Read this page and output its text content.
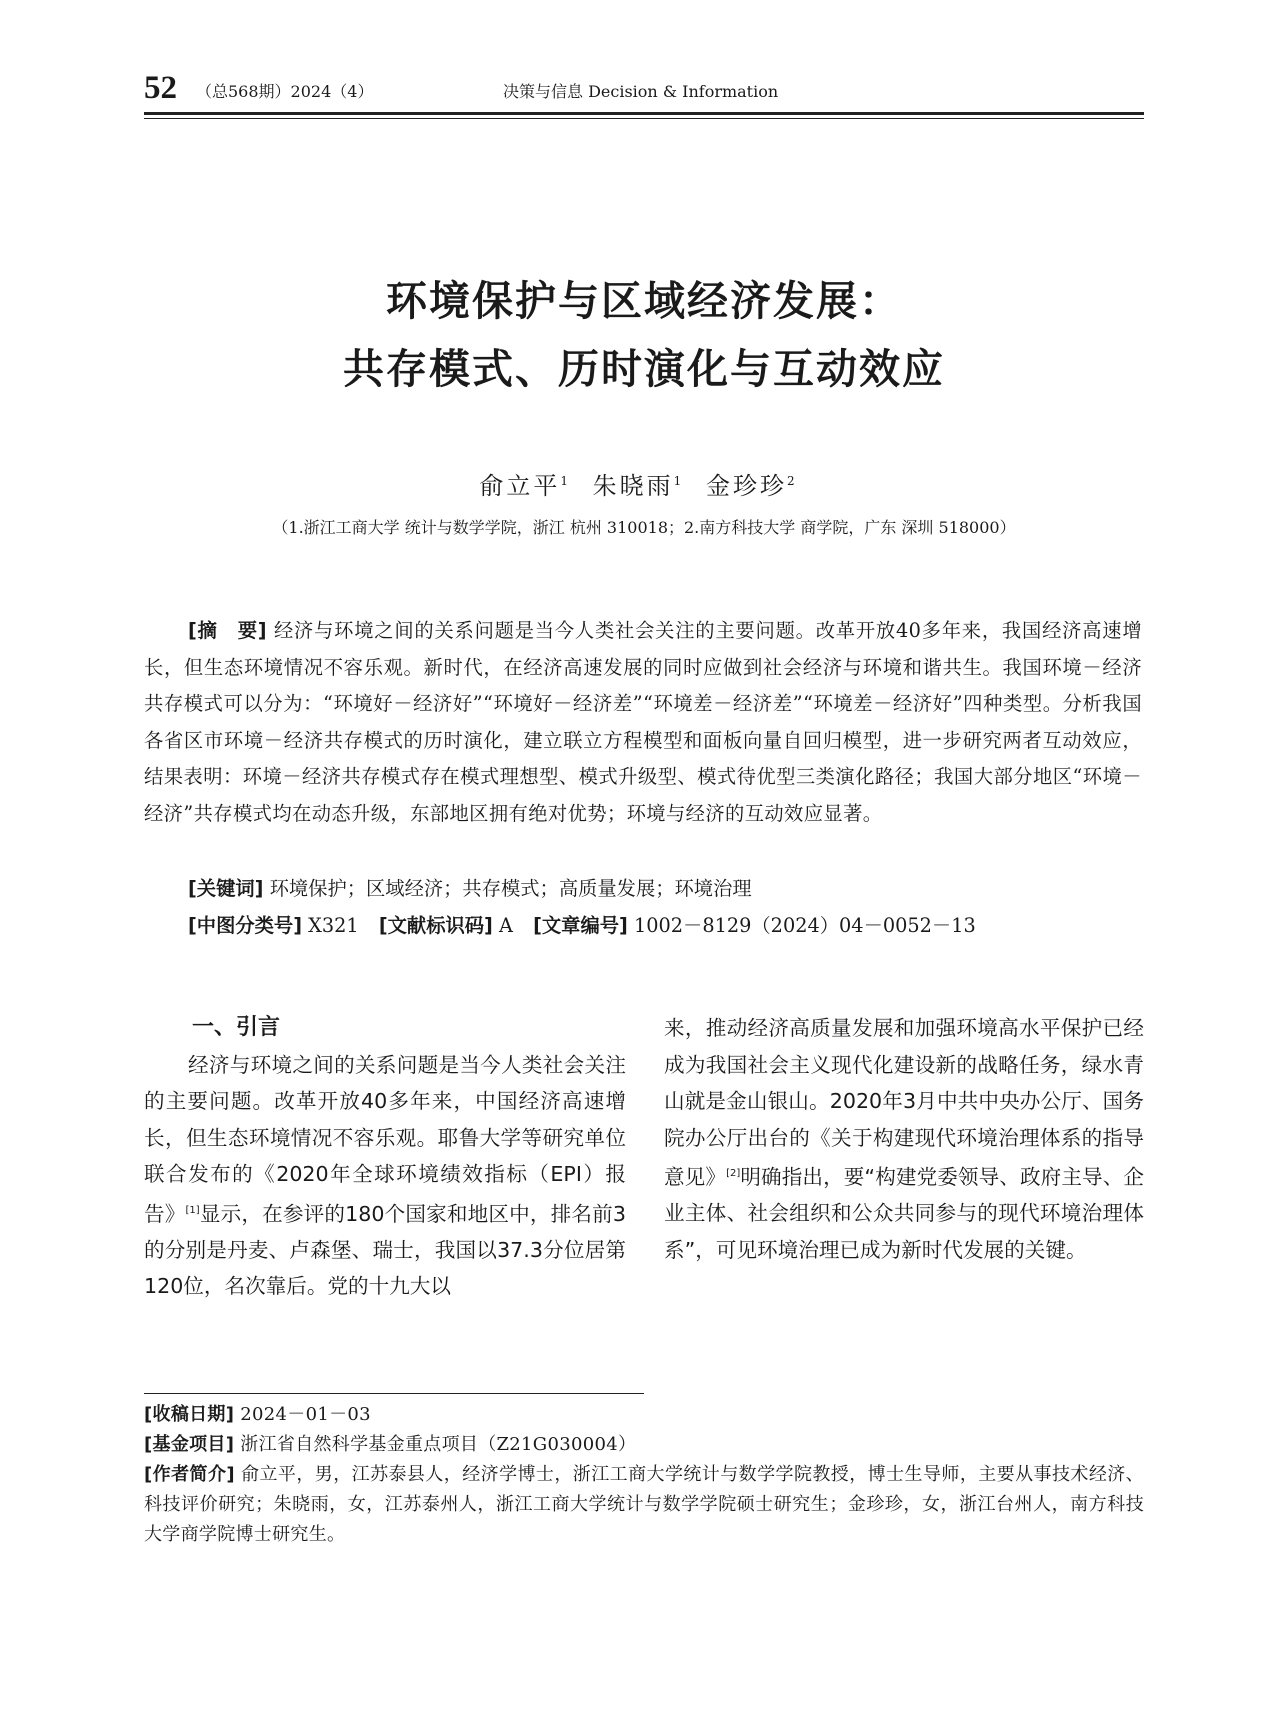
52 （总568期）2024（4）	决策与信息 Decision & Information
环境保护与区域经济发展：
共存模式、历时演化与互动效应
俞立平$^1$ 朱晓雨$^1$ 金珍珍$^2$
（1.浙江工商大学 统计与数学学院，浙江 杭州 310018；2.南方科技大学 商学院，广东 深圳 518000）

[摘　要] 经济与环境之间的关系问题是当今人类社会关注的主要问题。改革开放40多年来，我国经济高速增长，但生态环境情况不容乐观。新时代，在经济高速发展的同时应做到社会经济与环境和谐共生。我国环境－经济共存模式可以分为：“环境好－经济好”“环境好－经济差”“环境差－经济差”“环境差－经济好”四种类型。分析我国各省区市环境－经济共存模式的历时演化，建立联立方程模型和面板向量自回归模型，进一步研究两者互动效应，结果表明：环境－经济共存模式存在模式理想型、模式升级型、模式待优型三类演化路径；我国大部分地区“环境－经济”共存模式均在动态升级，东部地区拥有绝对优势；环境与经济的互动效应显著。

[关键词] 环境保护；区域经济；共存模式；高质量发展；环境治理
[中图分类号] X321 [文献标识码] A [文章编号] 1002－8129（2024）04－0052－13
一、引言

经济与环境之间的关系问题是当今人类社会关注的主要问题。改革开放40多年来，中国经济高速增长，但生态环境情况不容乐观。耶鲁大学等研究单位联合发布的《2020年全球环境绩效指标（EPI）报告》[1]显示，在参评的180个国家和地区中，排名前3的分别是丹麦、卢森堡、瑞士，我国以37.3分位居第120位，名次靠后。党的十九大以

来，推动经济高质量发展和加强环境高水平保护已经成为我国社会主义现代化建设新的战略任务，绿水青山就是金山银山。2020年3月中共中央办公厅、国务院办公厅出台的《关于构建现代环境治理体系的指导意见》[2]明确指出，要“构建党委领导、政府主导、企业主体、社会组织和公众共同参与的现代环境治理体系”，可见环境治理已成为新时代发展的关键。

[收稿日期] 2024－01－03
[基金项目] 浙江省自然科学基金重点项目（Z21G030004）
[作者简介] 俞立平，男，江苏泰县人，经济学博士，浙江工商大学统计与数学学院教授，博士生导师，主要从事技术经济、科技评价研究；朱晓雨，女，江苏泰州人，浙江工商大学统计与数学学院硕士研究生；金珍珍，女，浙江台州人，南方科技大学商学院博士研究生。
